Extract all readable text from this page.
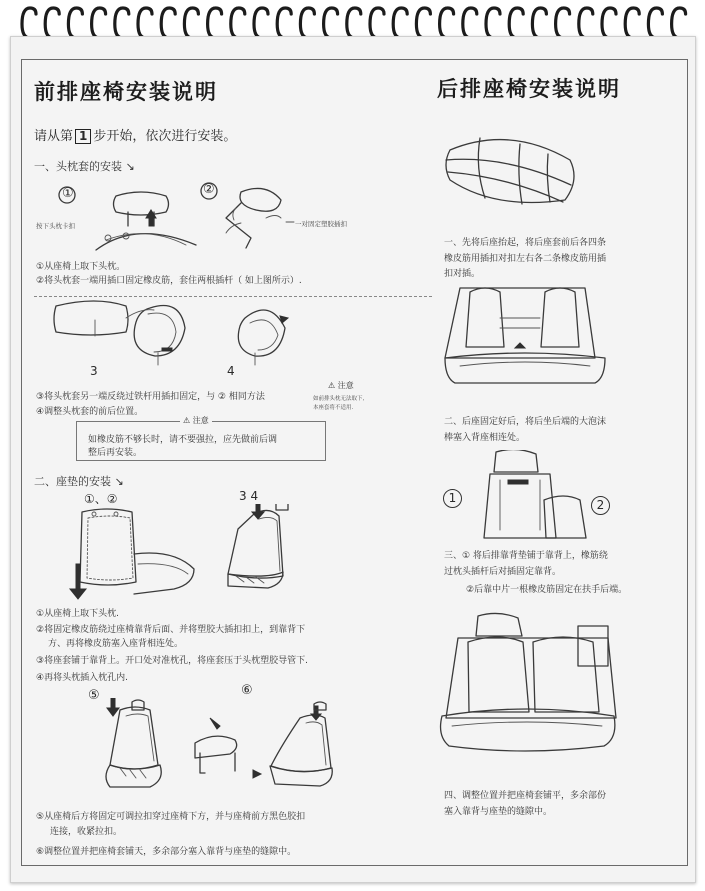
前排座椅安装说明	后排座椅安装说明
请从第 1 步开始，依次进行安装。
一、头枕套的安装 ↘
①	②
按下头枕卡扣	一对固定塑胶插扣
①从座椅上取下头枕。
②将头枕套一端用插口固定橡皮筋，套住两根插杆（ 如上图所示）.
3	4
③将头枕套另一端反绕过铁杆用插扣固定，与 ② 相同方法
④调整头枕套的前后位置。
⚠ 注意
如前排头枕无法取下,
本座套将不适用.
⚠ 注意
如橡皮筋不够长时，请不要强拉，应先做前后调
整后再安装。
二、座垫的安装 ↘
①、②	3 4
①从座椅上取下头枕.
②将固定橡皮筋绕过座椅靠背后面、并将塑胶大插扣扣上，到靠背下
方、再将橡皮筋塞入座背相连处。
③将座套铺于靠背上。开口处对准枕孔，将座套压于头枕塑胶导管下.
④再将头枕插入枕孔内.
⑤	⑥
⑤从座椅后方将固定可调拉扣穿过座椅下方，并与座椅前方黑色胶扣
连接，收紧拉扣。
⑥调整位置并把座椅套铺天，多余部分塞入靠背与座垫的缝隙中。
一、先将后座抬起，将后座套前后各四条
橡皮筋用插扣对扣左右各二条橡皮筋用插
扣对插。
二、后座固定好后，将后坐后端的大泡沫
棒塞入背座相连处。
1	2
三、① 将后排靠背垫铺于靠背上，橡筋绕
过枕头插杆后对插固定靠背。
②后靠中片一根橡皮筋固定在扶手后端。
四、调整位置并把座椅套铺平，多余部份
塞入靠背与座垫的缝隙中。
